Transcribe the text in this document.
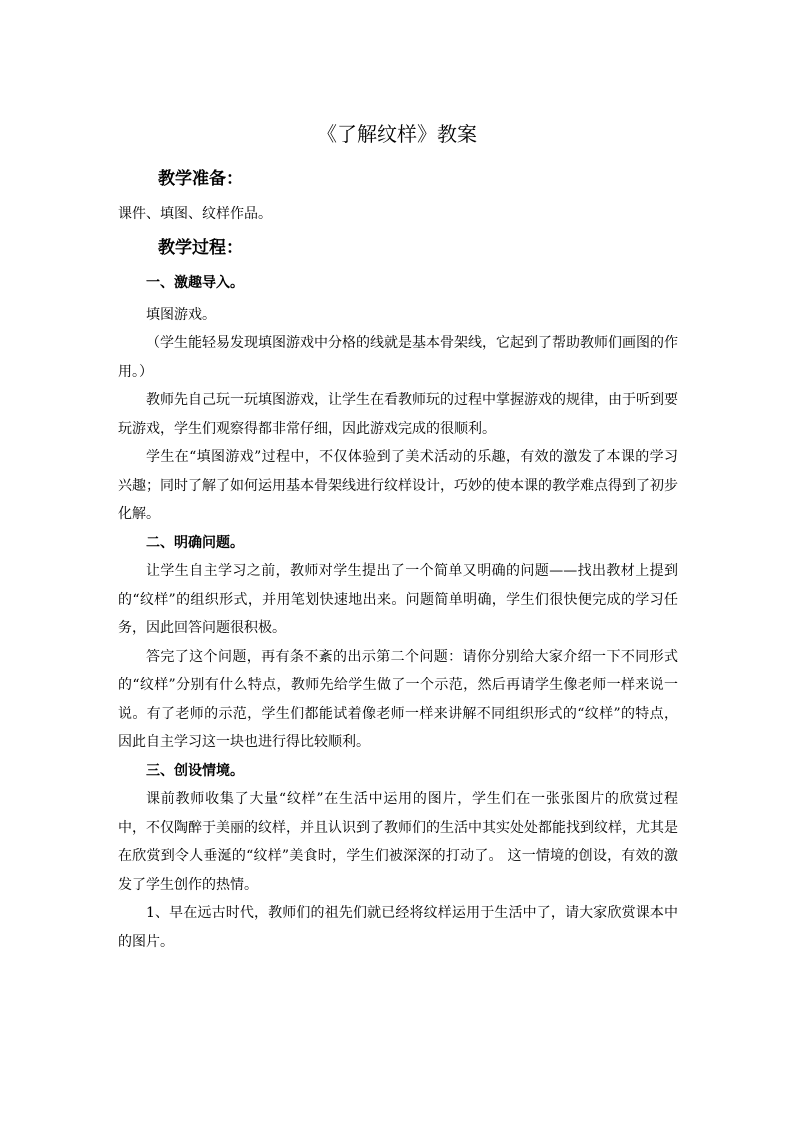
《了解纹样》教案
教学准备：

课件、填图、纹样作品。

教学过程：
一、激趣导入。

填图游戏。

（学生能轻易发现填图游戏中分格的线就是基本骨架线，它起到了帮助教师们画图的作用。）

教师先自己玩一玩填图游戏，让学生在看教师玩的过程中掌握游戏的规律，由于听到要玩游戏，学生们观察得都非常仔细，因此游戏完成的很顺利。

学生在“填图游戏”过程中，不仅体验到了美术活动的乐趣，有效的激发了本课的学习兴趣；同时了解了如何运用基本骨架线进行纹样设计，巧妙的使本课的教学难点得到了初步化解。

二、明确问题。

让学生自主学习之前，教师对学生提出了一个简单又明确的问题——找出教材上提到的“纹样”的组织形式，并用笔划快速地出来。问题简单明确，学生们很快便完成的学习任务，因此回答问题很积极。

答完了这个问题，再有条不紊的出示第二个问题：请你分别给大家介绍一下不同形式的“纹样”分别有什么特点，教师先给学生做了一个示范，然后再请学生像老师一样来说一说。有了老师的示范，学生们都能试着像老师一样来讲解不同组织形式的“纹样”的特点，因此自主学习这一块也进行得比较顺利。

三、创设情境。

课前教师收集了大量“纹样”在生活中运用的图片，学生们在一张张图片的欣赏过程中，不仅陶醉于美丽的纹样，并且认识到了教师们的生活中其实处处都能找到纹样，尤其是在欣赏到令人垂涎的“纹样”美食时，学生们被深深的打动了。 这一情境的创设，有效的激发了学生创作的热情。

1、早在远古时代，教师们的祖先们就已经将纹样运用于生活中了，请大家欣赏课本中的图片。
